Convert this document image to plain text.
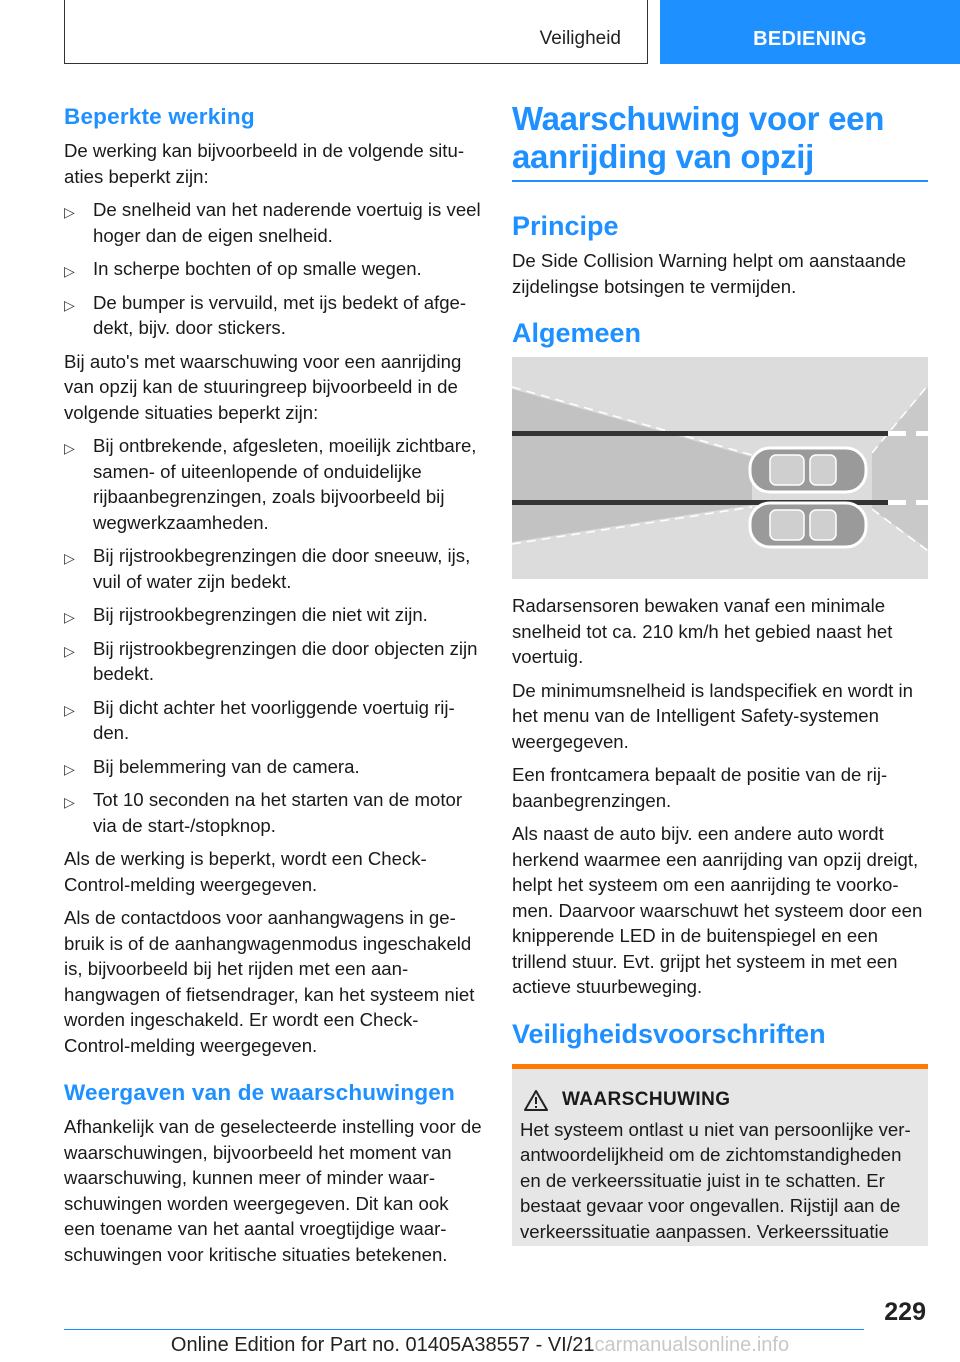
Veiligheid	BEDIENING
Beperkte werking

De werking kan bijvoorbeeld in de volgende situaties beperkt zijn:

▷ De snelheid van het naderende voertuig is veel hoger dan de eigen snelheid.
▷ In scherpe bochten of op smalle wegen.
▷ De bumper is vervuild, met ijs bedekt of afgedekt, bijv. door stickers.

Bij auto's met waarschuwing voor een aanrijding van opzij kan de stuuringreep bijvoorbeeld in de volgende situaties beperkt zijn:

▷ Bij ontbrekende, afgesleten, moeilijk zichtbare, samen- of uiteenlopende of onduidelijke rijbaanbegrenzingen, zoals bijvoorbeeld bij wegwerkzaamheden.
▷ Bij rijstrookbegrenzingen die door sneeuw, ijs, vuil of water zijn bedekt.
▷ Bij rijstrookbegrenzingen die niet wit zijn.
▷ Bij rijstrookbegrenzingen die door objecten zijn bedekt.
▷ Bij dicht achter het voorliggende voertuig rijden.
▷ Bij belemmering van de camera.
▷ Tot 10 seconden na het starten van de motor via de start-/stopknop.

Als de werking is beperkt, wordt een Check-Control-melding weergegeven.

Als de contactdoos voor aanhangwagens in gebruik is of de aanhangwagenmodus ingeschakeld is, bijvoorbeeld bij het rijden met een aanhangwagen of fietsendrager, kan het systeem niet worden ingeschakeld. Er wordt een Check-Control-melding weergegeven.

Weergaven van de waarschuwingen

Afhankelijk van de geselecteerde instelling voor de waarschuwingen, bijvoorbeeld het moment van waarschuwing, kunnen meer of minder waarschuwingen worden weergegeven. Dit kan ook een toename van het aantal vroegtijdige waarschuwingen voor kritische situaties betekenen.

Waarschuwing voor een aanrijding van opzij
Principe

De Side Collision Warning helpt om aanstaande zijdelingse botsingen te vermijden.

Algemeen

Radarsensoren bewaken vanaf een minimale snelheid tot ca. 210 km/h het gebied naast het voertuig.

De minimumsnelheid is landspecifiek en wordt in het menu van de Intelligent Safety-systemen weergegeven.

Een frontcamera bepaalt de positie van de rijbaanbegrenzingen.

Als naast de auto bijv. een andere auto wordt herkend waarmee een aanrijding van opzij dreigt, helpt het systeem om een aanrijding te voorkomen. Daarvoor waarschuwt het systeem door een knipperende LED in de buitenspiegel en een trillend stuur. Evt. grijpt het systeem in met een actieve stuurbeweging.

Veiligheidsvoorschriften
WAARSCHUWING

Het systeem ontlast u niet van persoonlijke verantwoordelijkheid om de zichtomstandigheden en de verkeerssituatie juist in te schatten. Er bestaat gevaar voor ongevallen. Rijstijl aan de verkeerssituatie aanpassen. Verkeerssituatie

229
Online Edition for Part no. 01405A38557 - VI/21carmanualsonline.info
